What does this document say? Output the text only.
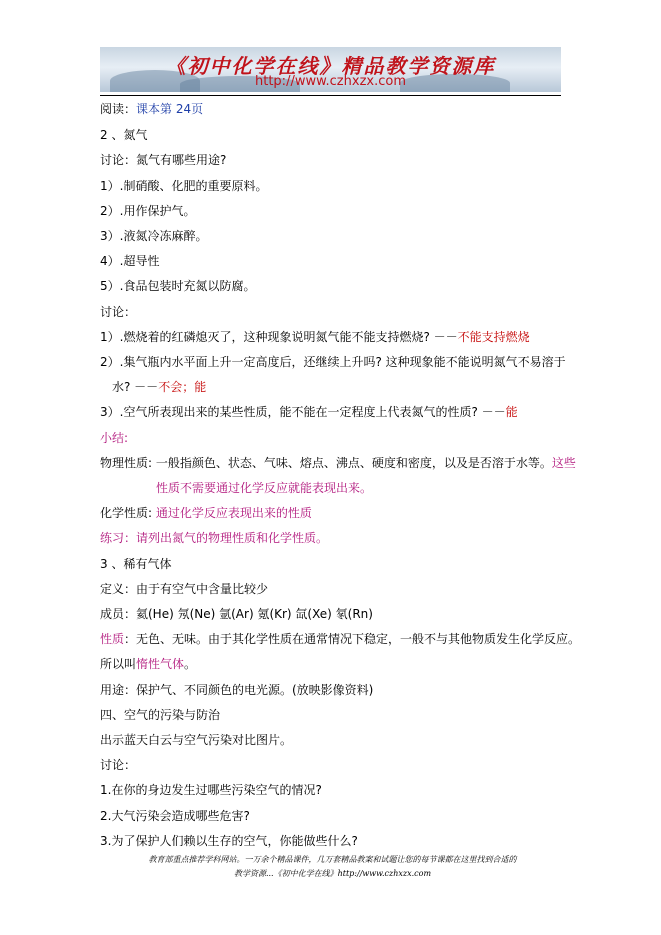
《初中化学在线》精品教学资源库
http://www.czhxzx.com
阅读：课本第 24页
2 、氮气
讨论：氮气有哪些用途?
1）.制硝酸、化肥的重要原料。
2）.用作保护气。
3）.液氮冷冻麻醉。
4）.超导性
5）.食品包装时充氮以防腐。
讨论：
1）.燃烧着的红磷熄灭了，这种现象说明氮气能不能支持燃烧? －－不能支持燃烧
2）.集气瓶内水平面上升一定高度后，还继续上升吗? 这种现象能不能说明氮气不易溶于
水? －－不会；能
3）.空气所表现出来的某些性质，能不能在一定程度上代表氮气的性质? －－能
小结:
物理性质: 一般指颜色、状态、气味、熔点、沸点、硬度和密度，以及是否溶于水等。这些
性质不需要通过化学反应就能表现出来。
化学性质: 通过化学反应表现出来的性质
练习：请列出氮气的物理性质和化学性质。
3 、稀有气体
定义：由于有空气中含量比较少
成员：氦(He) 氖(Ne) 氩(Ar) 氪(Kr) 氙(Xe) 氡(Rn)
性质：无色、无味。由于其化学性质在通常情况下稳定，一般不与其他物质发生化学反应。
所以叫惰性气体。
用途：保护气、不同颜色的电光源。(放映影像资料)
四、空气的污染与防治
出示蓝天白云与空气污染对比图片。
讨论：
1.在你的身边发生过哪些污染空气的情况?
2.大气污染会造成哪些危害?
3.为了保护人们赖以生存的空气，你能做些什么?
教育部重点推荐学科网站。一万余个精品课件，几万套精品教案和试题让您的每节课都在这里找到合适的
教学资源...《初中化学在线》http://www.czhxzx.com
